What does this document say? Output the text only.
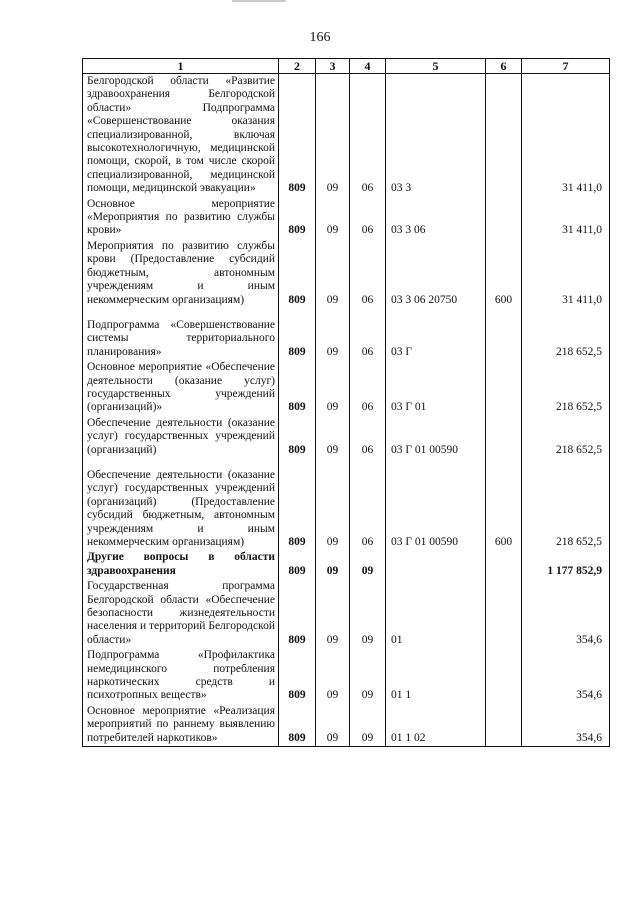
166
1	2	3	4	5	6	7
Белгородской области «Развитие здравоохранения Белгородской области» Подпрограмма «Совершенствование оказания специализированной, включая высокотехнологичную, медицинской помощи, скорой, в том числе скорой специализированной, медицинской помощи, медицинской эвакуации»	809	09	06	03 3		31 411,0
Основное мероприятие «Мероприятия по развитию службы крови»	809	09	06	03 3 06		31 411,0
Мероприятия по развитию службы крови (Предоставление субсидий бюджетным, автономным учреждениям и иным некоммерческим организациям)	809	09	06	03 3 06 20750	600	31 411,0

Подпрограмма «Совершенствование системы территориального планирования»	809	09	06	03 Г		218 652,5
Основное мероприятие «Обеспечение деятельности (оказание услуг) государственных учреждений (организаций)»	809	09	06	03 Г 01		218 652,5
Обеспечение деятельности (оказание услуг) государственных учреждений (организаций)	809	09	06	03 Г 01 00590		218 652,5

Обеспечение деятельности (оказание услуг) государственных учреждений (организаций) (Предоставление субсидий бюджетным, автономным учреждениям и иным некоммерческим организациям)	809	09	06	03 Г 01 00590	600	218 652,5
Другие вопросы в области здравоохранения	809	09	09			1 177 852,9
Государственная программа Белгородской области «Обеспечение безопасности жизнедеятельности населения и территорий Белгородской области»	809	09	09	01		354,6
Подпрограмма «Профилактика немедицинского потребления наркотических средств и психотропных веществ»	809	09	09	01 1		354,6
Основное мероприятие «Реализация мероприятий по раннему выявлению потребителей наркотиков»	809	09	09	01 1 02		354,6
